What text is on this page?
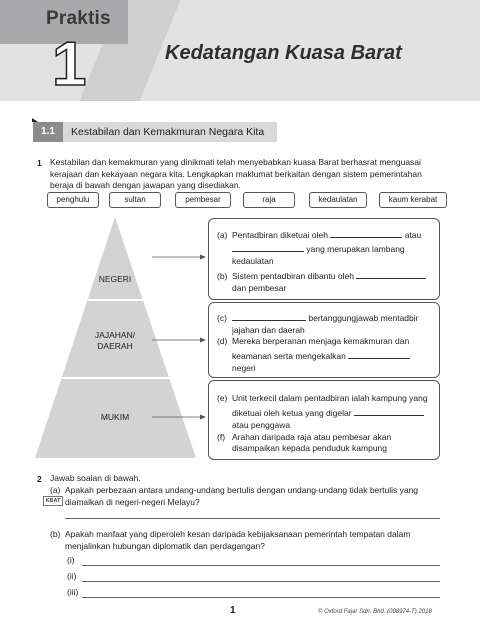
Praktis
1	Kedatangan Kuasa Barat
1.1	Kestabilan dan Kemakmuran Negara Kita
1 Kestabilan dan kemakmuran yang dinikmati telah menyebabkan kuasa Barat berhasrat menguasai kerajaan dan kekayaan negara kita. Lengkapkan maklumat berkaitan dengan sistem pemerintahan beraja di bawah dengan jawapan yang disediakan.
penghulu	sultan	pembesar	raja	kedaulatan	kaum kerabat
NEGERI
JAJAHAN/
DAERAH
MUKIM
(a) Pentadbiran diketuai oleh	atau
yang merupakan lambang
kedaulatan
(b) Sistem pentadbiran dibantu oleh
dan pembesar
(c)	bertanggungjawab mentadbir
jajahan dan daerah
(d) Mereka berperanan menjaga kemakmuran dan
keamanan serta mengekalkan
negeri
(e) Unit terkecil dalam pentadbiran ialah kampung yang
diketuai oleh ketua yang digelar
atau penggawa
(f) Arahan daripada raja atau pembesar akan
disampaikan kepada penduduk kampung
2 Jawab soalan di bawah.
(a) Apakah perbezaan antara undang-undang bertulis dengan undang-undang tidak bertulis yang
KBAT diamalkan di negeri-negeri Melayu?
(b) Apakah manfaat yang diperoleh kesan daripada kebijaksanaan pemerintah tempatan dalam
menjalinkan hubungan diplomatik dan perdagangan?
(i)
(ii)
(iii)
1	© Oxford Fajar Sdn. Bhd. (008974-T) 2018
